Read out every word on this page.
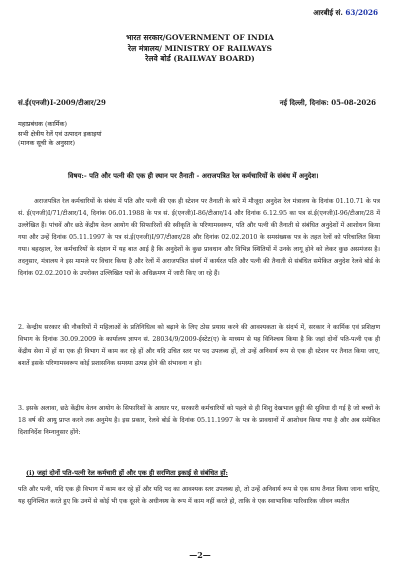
आरबीई सं. 63/2026
भारत सरकार/GOVERNMENT OF INDIA
रेल मंत्रालय/ MINISTRY OF RAILWAYS
रेलवे बोर्ड (RAILWAY BOARD)
सं.ई(एनजी)I-2009/टीआर/29	नई दिल्ली, दिनांक: 05-08-2026
महाप्रबंधक (कार्मिक)
सभी क्षेत्रीय रेलें एवं उत्पादन इकाइयां
(मानक सूची के अनुसार)
विषय:- पति और पत्नी की एक ही स्थान पर तैनाती - अराजपत्रित रेल कर्मचारियों के संबंध में अनुदेश।
अराजपत्रित रेल कर्मचारियों के संबंध में पति और पत्नी की एक ही स्टेशन पर तैनाती के बारे में मौजूदा अनुदेश रेल मंत्रालय के दिनांक 01.10.71 के पत्र सं. ई(एनजी)I/71/टीआर/14, दिनांक 06.01.1988 के पत्र सं. ई(एनजी)I-86/टीआर/14 और दिनांक 6.12.95 का पत्र सं.ई(एनजी)I-96/टीआर/28 में उल्लेखित हैं। पांचवें और छठे केंद्रीय वेतन आयोग की सिफारिशों की स्वीकृति के परिणामस्वरूप, पति और पत्नी की तैनाती से संबंधित अनुदेशों में आशोधन किया गया और उन्हें दिनांक 05.11.1997 के पत्र सं.ई(एनजी)I/97/टीआर/28 और दिनांक 02.02.2010 के समसंख्यक पत्र के तहत रेलों को परिचालित किया गया। बहरहाल, रेल कर्मचारियों के संज्ञान में यह बात आई है कि अनुदेशों के कुछ प्रावधान और विभिन्न स्थितियों में उनके लागू होने को लेकर कुछ असमंजस है। तदनुसार, मंत्रालय ने इस मामले पर विचार किया है और रेलों में अराजपत्रित संवर्ग में कार्यरत पति और पत्नी की तैनाती से संबंधित समेकित अनुदेश रेलवे बोर्ड के दिनांक 02.02.2010 के उपरोक्त उल्लिखित पत्रों के अधिक्रमण में जारी किए जा रहे हैं।
2. केन्द्रीय सरकार की नौकरियों में महिलाओं के प्रतिनिधित्व को बढ़ाने के लिए ठोस प्रयास करने की आवश्यकता के संदर्भ में, सरकार ने कार्मिक एवं प्रशिक्षण विभाग के दिनांक 30.09.2009 के कार्यालय ज्ञापन सं. 28034/9/2009-ईस्टेट(ए) के माध्यम से यह विनिश्चय किया है कि जहां दोनों पति-पत्नी एक ही केंद्रीय सेवा में हों या एक ही विभाग में काम कर रहे हों और यदि उचित स्तर पर पद उपलब्ध हों, तो उन्हें अनिवार्य रूप से एक ही स्टेशन पर तैनात किया जाए, बशर्ते इसके परिणामस्वरूप कोई प्रशासनिक समस्या उत्पन्न होने की संभावना न हो।
3. इसके अलावा, छठे केंद्रीय वेतन आयोग के सिफारिशों के आधार पर, सरकारी कर्मचारियों को पहले से ही शिशु देखभाल छुट्टी की सुविधा दी गई है जो बच्चों के 18 वर्ष की आयु प्राप्त करने तक अनुमेय है। इस प्रकार, रेलवे बोर्ड के दिनांक 05.11.1997 के पत्र के प्रावधानों में आशोधन किया गया है और अब समेकित दिशानिर्देश निम्नानुसार होंगे:
(i) जहां दोनों पति-पत्नी रेल कर्मचारी हों और एक ही सरणिता इकाई से संबंधित हों:
पति और पत्नी, यदि एक ही विभाग में काम कर रहे हों और यदि पद का आवश्यक स्तर उपलब्ध हो, तो उन्हें अनिवार्य रूप से एक साथ तैनात किया जाना चाहिए, यह सुनिश्चित करते हुए कि उनमें से कोई भी एक दूसरे के अधीनस्थ के रूप में काम नहीं करते हो, ताकि वे एक स्वाभाविक पारिवारिक जीवन व्यतीत
—2—
